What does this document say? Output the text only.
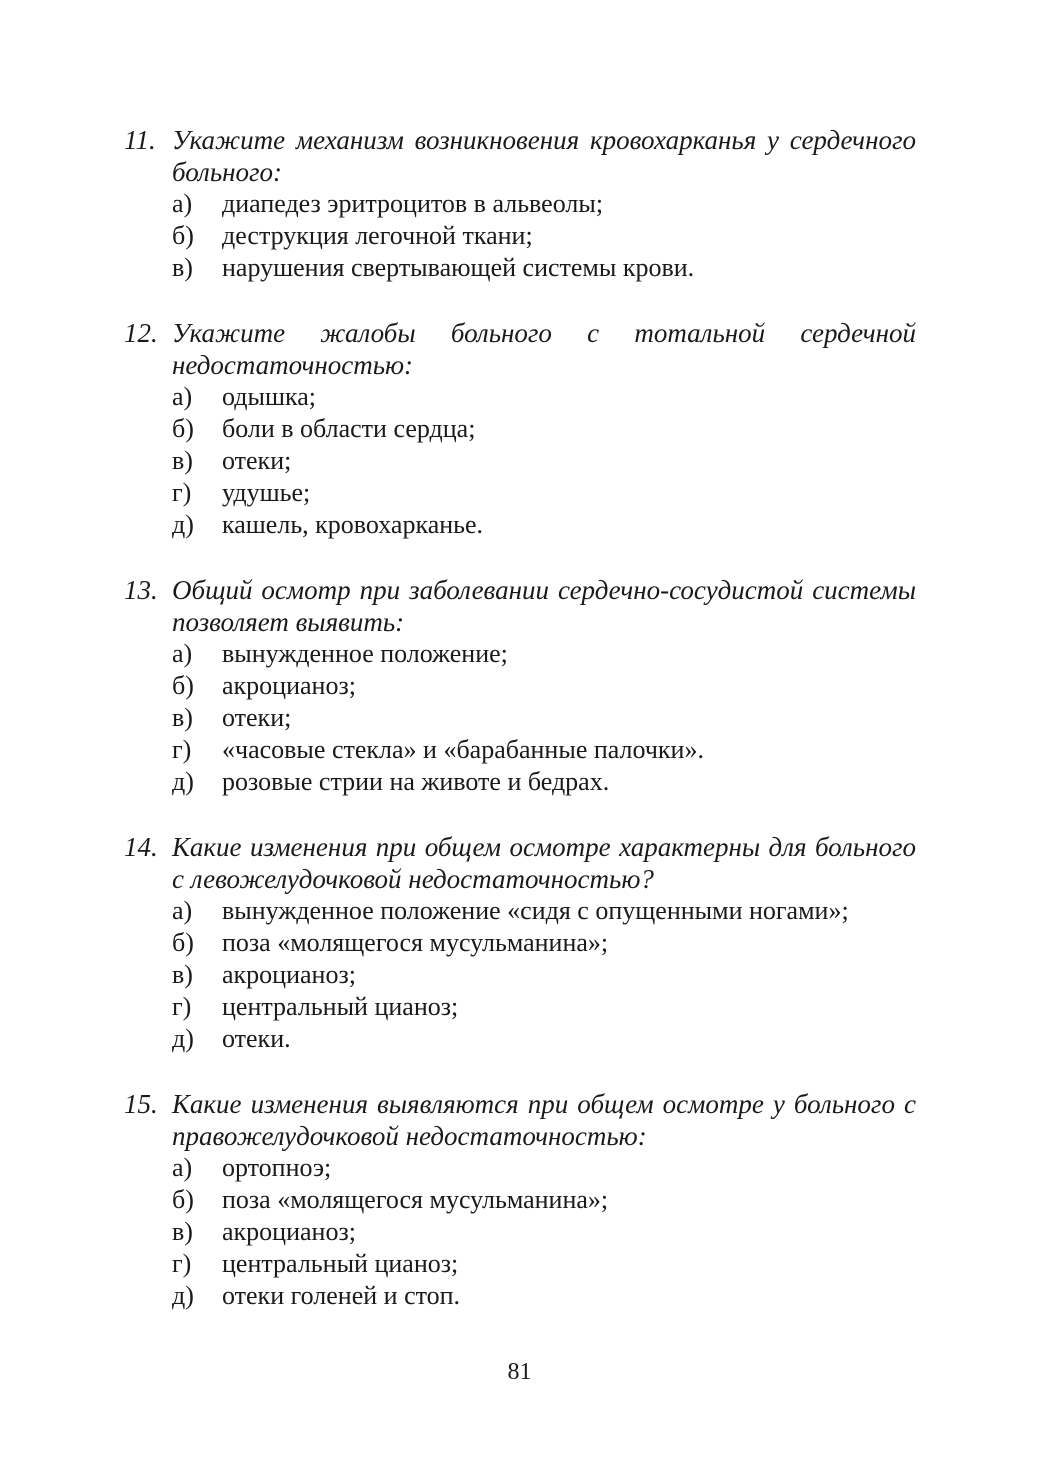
11. Укажите механизм возникновения кровохарканья у сердечного больного:
а)	диапедез эритроцитов в альвеолы;
б)	деструкция легочной ткани;
в)	нарушения свертывающей системы крови.
12. Укажите жалобы больного с тотальной сердечной недостаточностью:
а)	одышка;
б)	боли в области сердца;
в)	отеки;
г)	удушье;
д)	кашель, кровохарканье.
13. Общий осмотр при заболевании сердечно-сосудистой системы позволяет выявить:
а)	вынужденное положение;
б)	акроцианоз;
в)	отеки;
г)	«часовые стекла» и «барабанные палочки».
д)	розовые стрии на животе и бедрах.
14. Какие изменения при общем осмотре характерны для больного с левожелудочковой недостаточностью?
а)	вынужденное положение «сидя с опущенными ногами»;
б)	поза «молящегося мусульманина»;
в)	акроцианоз;
г)	центральный цианоз;
д)	отеки.
15. Какие изменения выявляются при общем осмотре у больного с правожелудочковой недостаточностью:
а)	ортопноэ;
б)	поза «молящегося мусульманина»;
в)	акроцианоз;
г)	центральный цианоз;
д)	отеки голеней и стоп.
81
